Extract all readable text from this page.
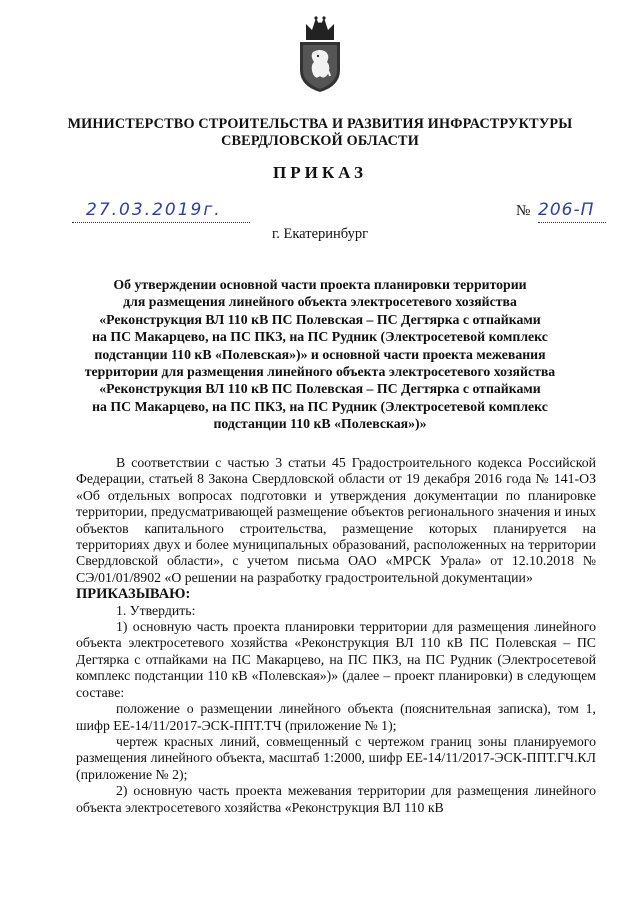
МИНИСТЕРСТВО СТРОИТЕЛЬСТВА И РАЗВИТИЯ ИНФРАСТРУКТУРЫ
СВЕРДЛОВСКОЙ ОБЛАСТИ
ПРИКАЗ
27.03.2019г.	№ 206-П
г. Екатеринбург
Об утверждении основной части проекта планировки территории
для размещения линейного объекта электросетевого хозяйства
«Реконструкция ВЛ 110 кВ ПС Полевская – ПС Дегтярка с отпайками
на ПС Макарцево, на ПС ПКЗ, на ПС Рудник (Электросетевой комплекс
подстанции 110 кВ «Полевская»)» и основной части проекта межевания
территории для размещения линейного объекта электросетевого хозяйства
«Реконструкция ВЛ 110 кВ ПС Полевская – ПС Дегтярка с отпайками
на ПС Макарцево, на ПС ПКЗ, на ПС Рудник (Электросетевой комплекс
подстанции 110 кВ «Полевская»)»

В соответствии с частью 3 статьи 45 Градостроительного кодекса Российской Федерации, статьей 8 Закона Свердловской области от 19 декабря 2016 года № 141-ОЗ «Об отдельных вопросах подготовки и утверждения документации по планировке территории, предусматривающей размещение объектов регионального значения и иных объектов капитального строительства, размещение которых планируется на территориях двух и более муниципальных образований, расположенных на территории Свердловской области», с учетом письма ОАО «МРСК Урала» от 12.10.2018 № СЭ/01/01/8902 «О решении на разработку градостроительной документации»

ПРИКАЗЫВАЮ:

1. Утвердить:

1) основную часть проекта планировки территории для размещения линейного объекта электросетевого хозяйства «Реконструкция ВЛ 110 кВ ПС Полевская – ПС Дегтярка с отпайками на ПС Макарцево, на ПС ПКЗ, на ПС Рудник (Электросетевой комплекс подстанции 110 кВ «Полевская»)» (далее – проект планировки) в следующем составе:

положение о размещении линейного объекта (пояснительная записка), том 1, шифр ЕЕ-14/11/2017-ЭСК-ППТ.ТЧ (приложение № 1);

чертеж красных линий, совмещенный с чертежом границ зоны планируемого размещения линейного объекта, масштаб 1:2000, шифр ЕЕ-14/11/2017-ЭСК-ППТ.ГЧ.КЛ (приложение № 2);

2) основную часть проекта межевания территории для размещения линейного объекта электросетевого хозяйства «Реконструкция ВЛ 110 кВ
